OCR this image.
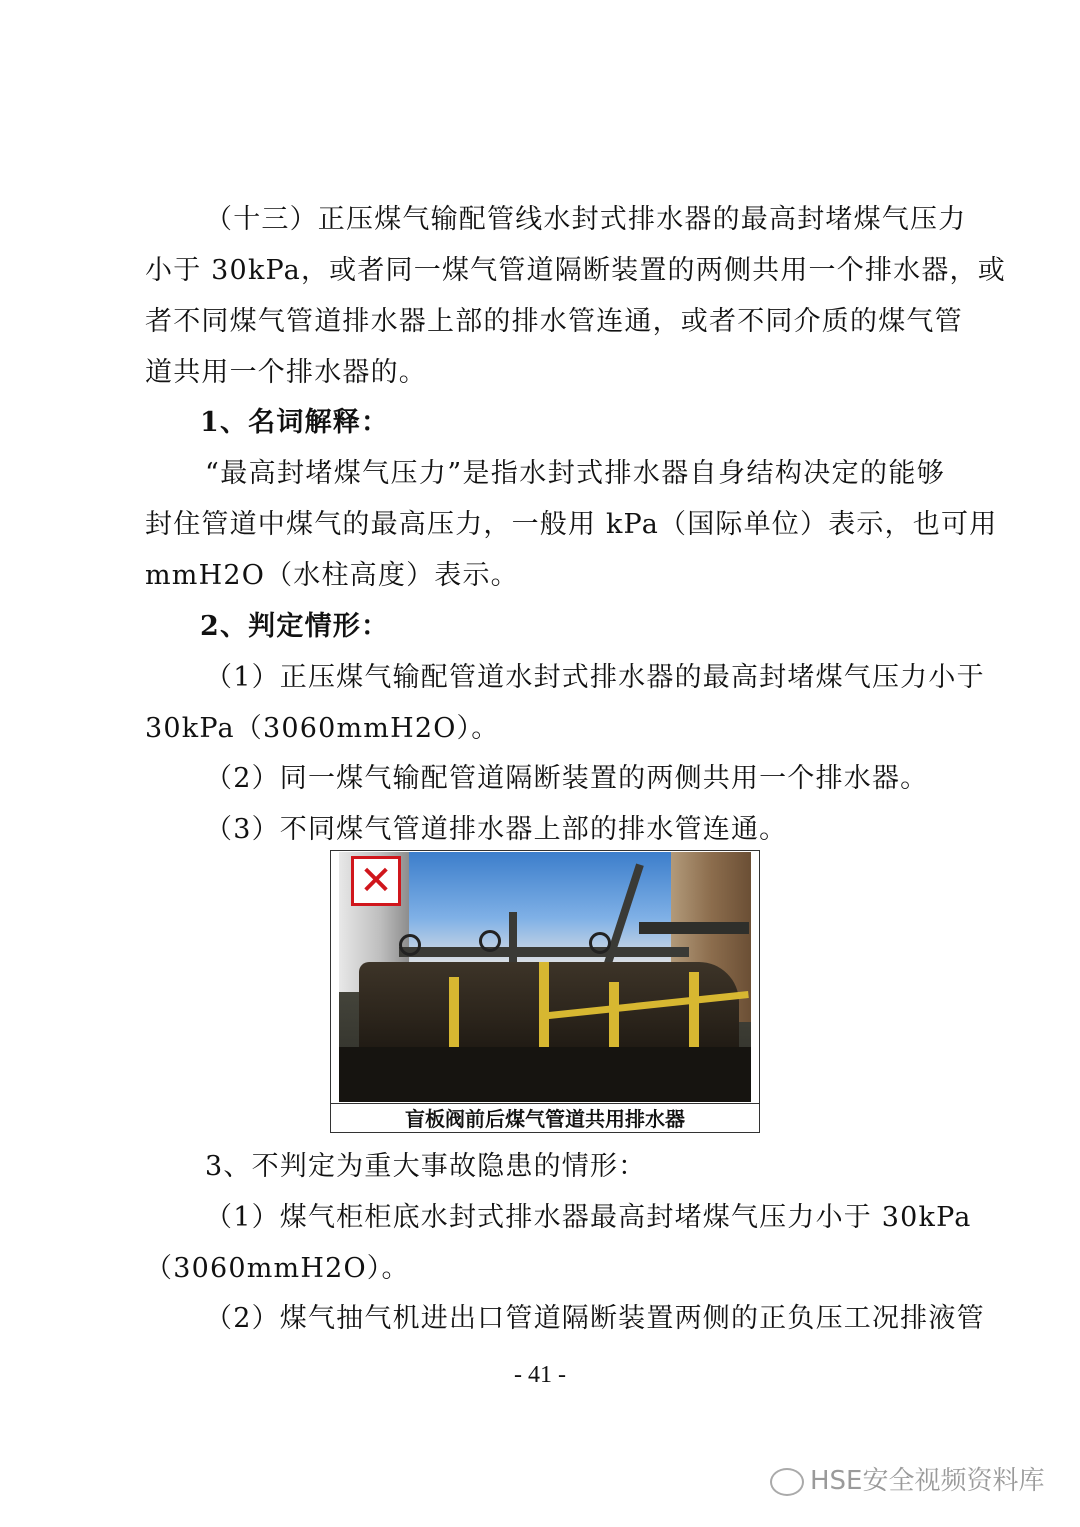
（十三）正压煤气输配管线水封式排水器的最高封堵煤气压力
小于 30kPa，或者同一煤气管道隔断装置的两侧共用一个排水器，或
者不同煤气管道排水器上部的排水管连通，或者不同介质的煤气管
道共用一个排水器的。
1、名词解释：
“最高封堵煤气压力”是指水封式排水器自身结构决定的能够
封住管道中煤气的最高压力，一般用 kPa（国际单位）表示，也可用
mmH2O（水柱高度）表示。
2、判定情形：
（1）正压煤气输配管道水封式排水器的最高封堵煤气压力小于
30kPa（3060mmH2O）。
（2）同一煤气输配管道隔断装置的两侧共用一个排水器。
（3）不同煤气管道排水器上部的排水管连通。
✕
盲板阀前后煤气管道共用排水器
3、不判定为重大事故隐患的情形：
（1）煤气柜柜底水封式排水器最高封堵煤气压力小于 30kPa
（3060mmH2O）。
（2）煤气抽气机进出口管道隔断装置两侧的正负压工况排液管
- 41 -
HSE安全视频资料库
